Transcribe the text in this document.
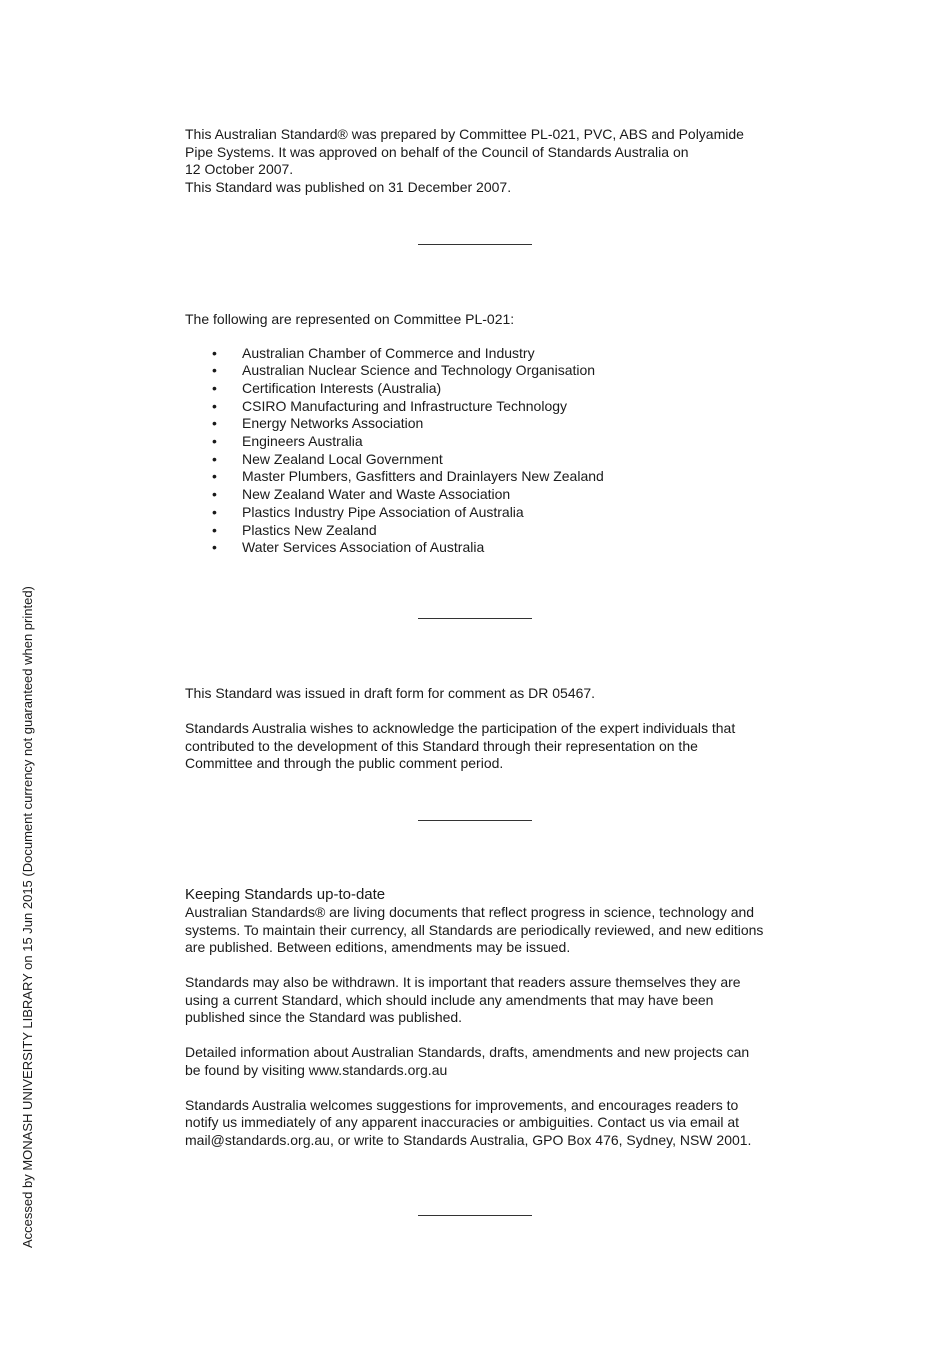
This Australian Standard® was prepared by Committee PL-021, PVC, ABS and Polyamide

Pipe Systems. It was approved on behalf of the Council of Standards Australia on

12 October 2007.

This Standard was published on 31 December 2007.

The following are represented on Committee PL-021:

• Australian Chamber of Commerce and Industry
• Australian Nuclear Science and Technology Organisation
• Certification Interests (Australia)
• CSIRO Manufacturing and Infrastructure Technology
• Energy Networks Association
• Engineers Australia
• New Zealand Local Government
• Master Plumbers, Gasfitters and Drainlayers New Zealand
• New Zealand Water and Waste Association
• Plastics Industry Pipe Association of Australia
• Plastics New Zealand
• Water Services Association of Australia

This Standard was issued in draft form for comment as DR 05467.

Standards Australia wishes to acknowledge the participation of the expert individuals that

contributed to the development of this Standard through their representation on the

Committee and through the public comment period.

Keeping Standards up-to-date

Australian Standards® are living documents that reflect progress in science, technology and

systems. To maintain their currency, all Standards are periodically reviewed, and new editions

are published. Between editions, amendments may be issued.

Standards may also be withdrawn. It is important that readers assure themselves they are

using a current Standard, which should include any amendments that may have been

published since the Standard was published.

Detailed information about Australian Standards, drafts, amendments and new projects can

be found by visiting www.standards.org.au

Standards Australia welcomes suggestions for improvements, and encourages readers to

notify us immediately of any apparent inaccuracies or ambiguities. Contact us via email at

mail@standards.org.au, or write to Standards Australia, GPO Box 476, Sydney, NSW 2001.

Accessed by MONASH UNIVERSITY LIBRARY on 15 Jun 2015 (Document currency not guaranteed when printed)
